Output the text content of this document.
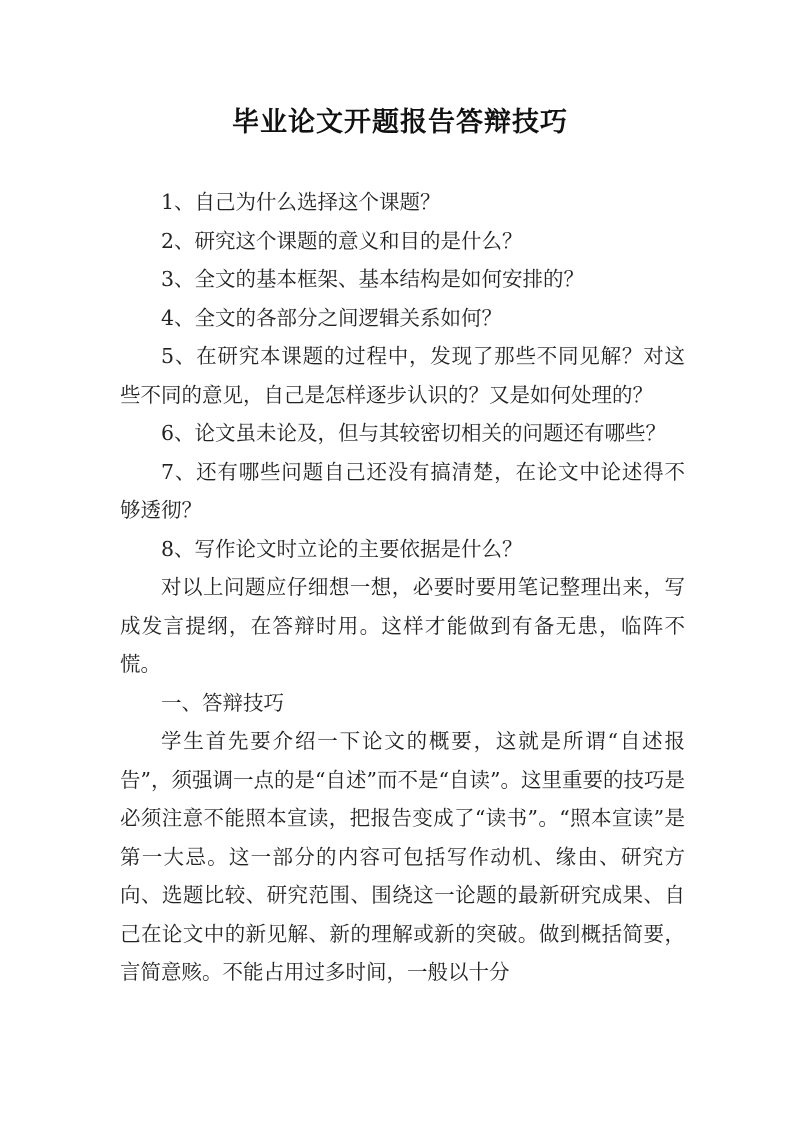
毕业论文开题报告答辩技巧

1、自己为什么选择这个课题？

2、研究这个课题的意义和目的是什么？

3、全文的基本框架、基本结构是如何安排的？

4、全文的各部分之间逻辑关系如何？

5、在研究本课题的过程中，发现了那些不同见解？对这些不同的意见，自己是怎样逐步认识的？又是如何处理的？

6、论文虽未论及，但与其较密切相关的问题还有哪些？

7、还有哪些问题自己还没有搞清楚，在论文中论述得不够透彻？

8、写作论文时立论的主要依据是什么？

对以上问题应仔细想一想，必要时要用笔记整理出来，写成发言提纲，在答辩时用。这样才能做到有备无患，临阵不慌。

一、答辩技巧

学生首先要介绍一下论文的概要，这就是所谓“自述报告”，须强调一点的是“自述”而不是“自读”。这里重要的技巧是必须注意不能照本宣读，把报告变成了“读书”。“照本宣读”是第一大忌。这一部分的内容可包括写作动机、缘由、研究方向、选题比较、研究范围、围绕这一论题的最新研究成果、自己在论文中的新见解、新的理解或新的突破。做到概括简要，言简意赅。不能占用过多时间，一般以十分
